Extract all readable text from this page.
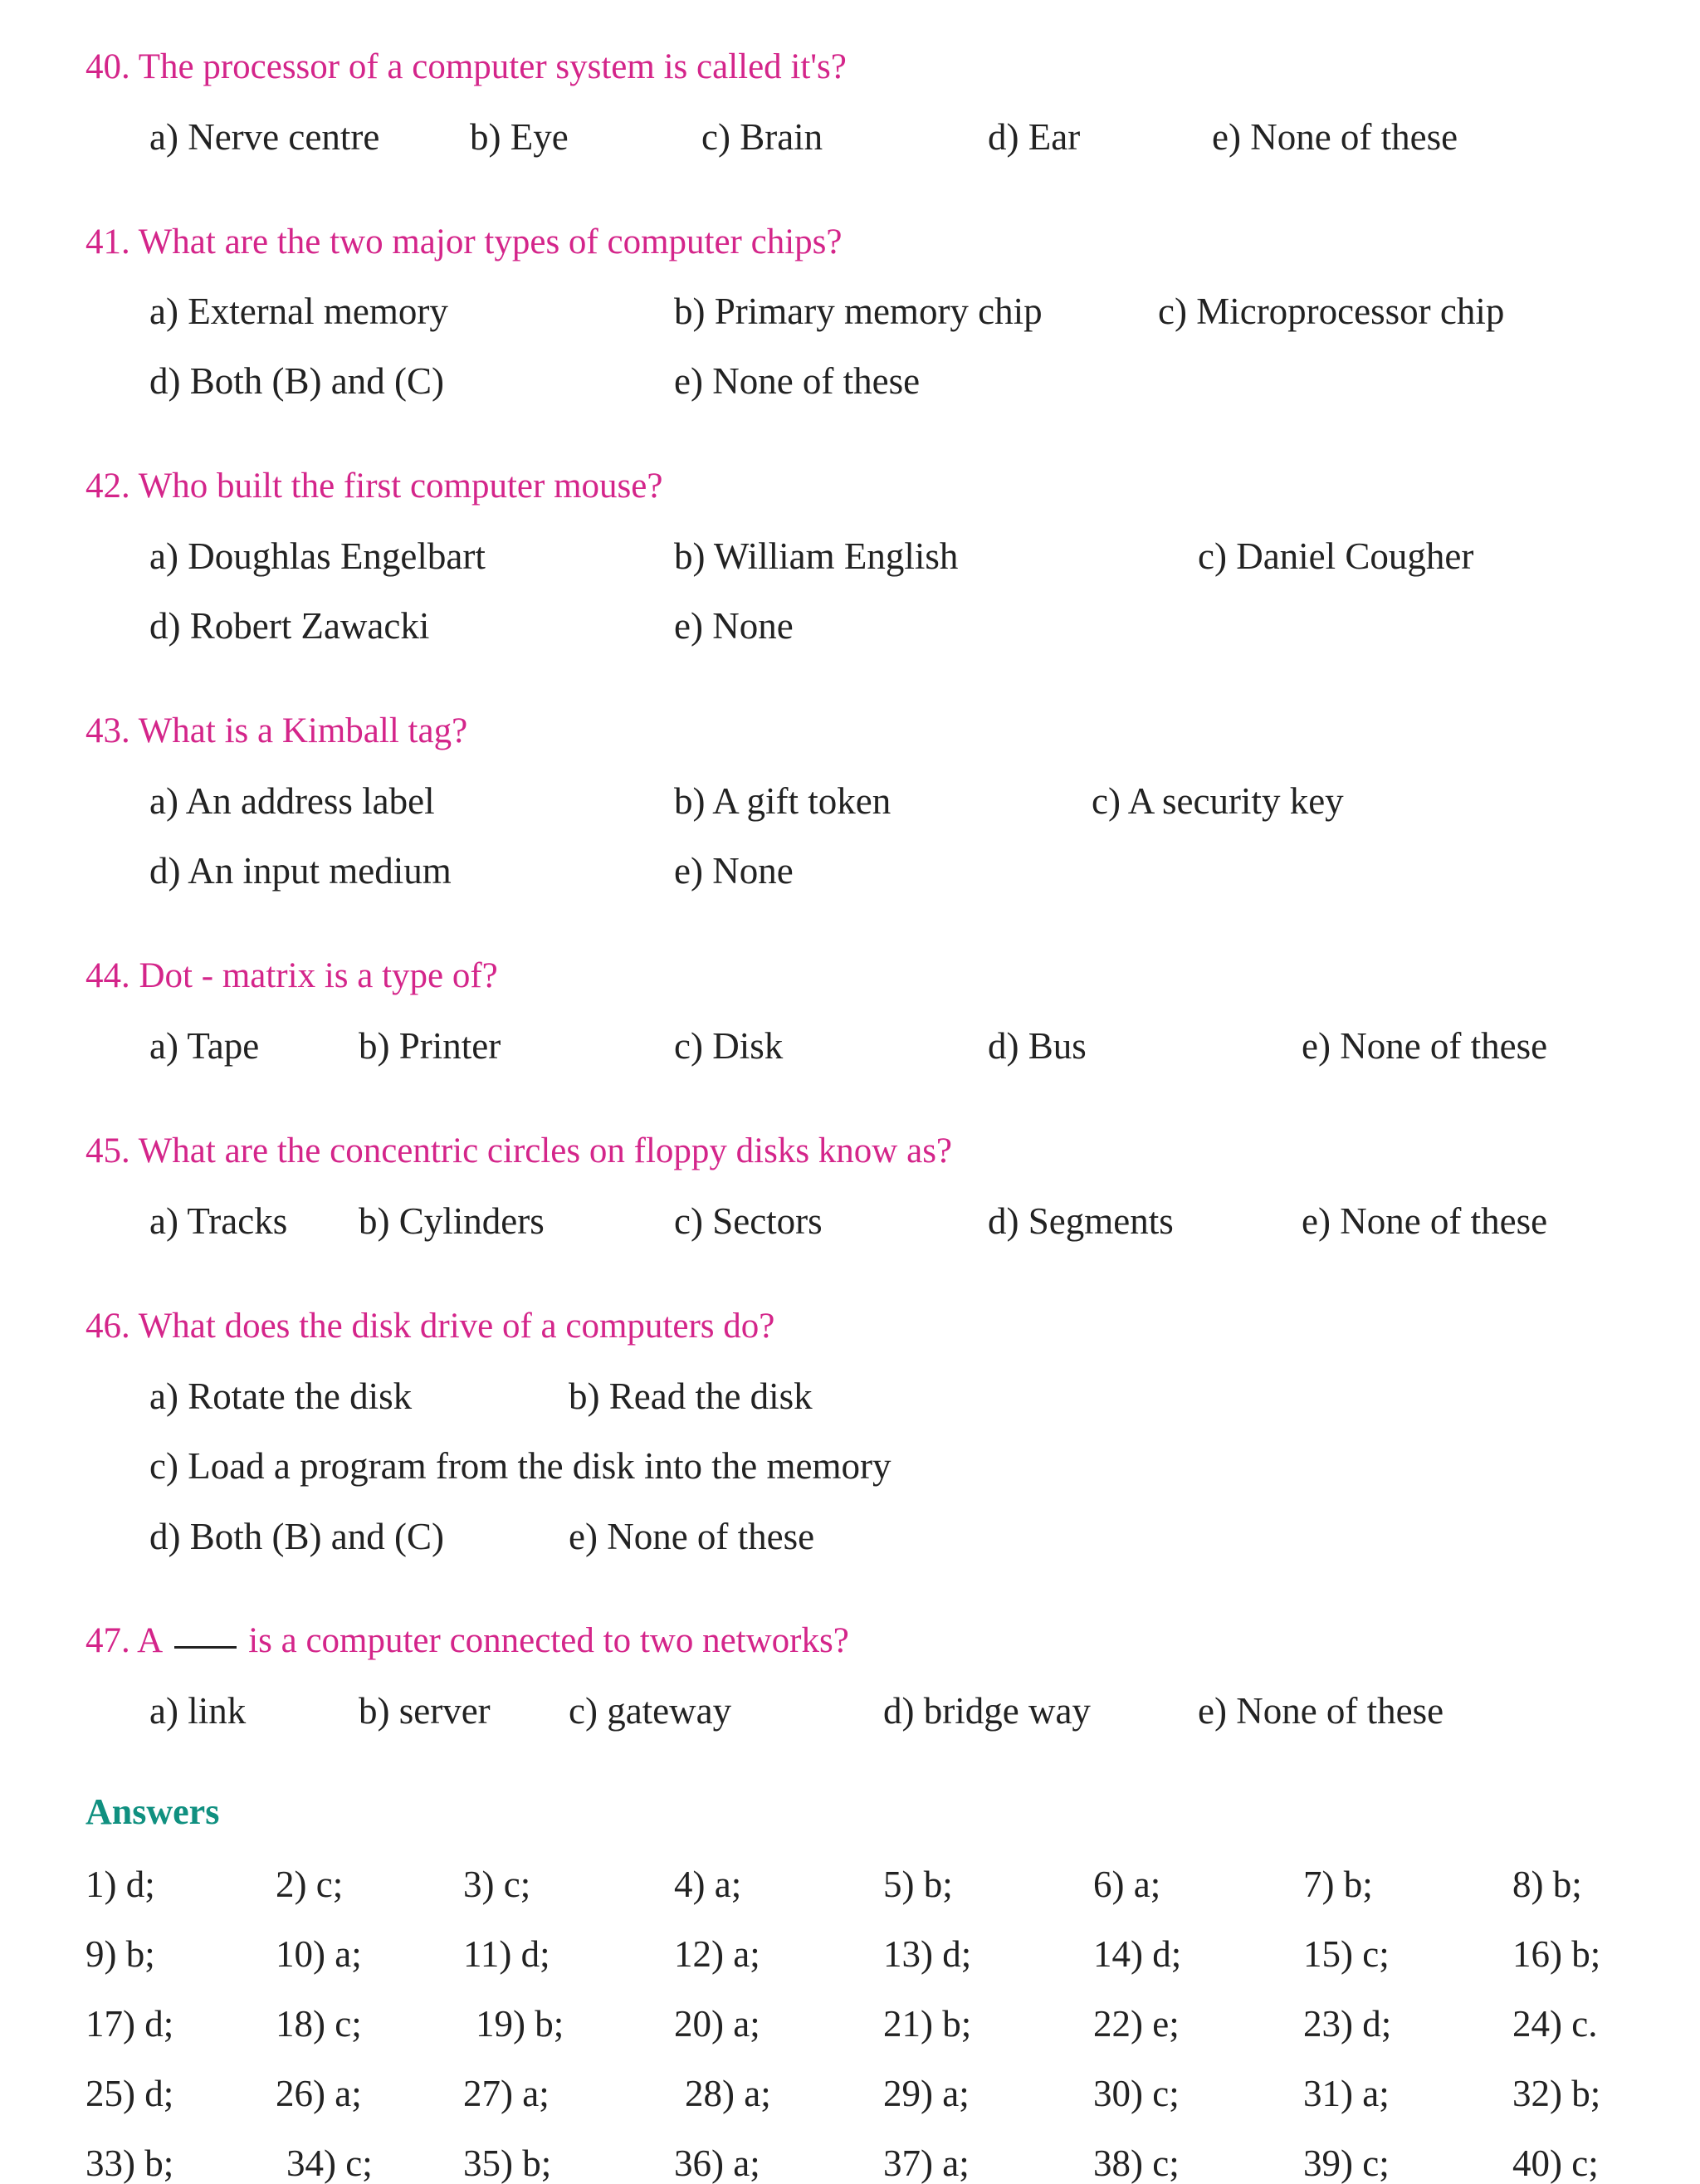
40. The processor of a computer system is called it's?
a) Nerve centre b) Eye	c) Brain	d) Ear	e) None of these
41. What are the two major types of computer chips?
a) External memory	b) Primary memory chip	c) Microprocessor chip
d) Both (B) and (C)	e) None of these
42. Who built the first computer mouse?
a) Doughlas Engelbart	b) William English	c) Daniel Cougher
d) Robert Zawacki	e) None
43. What is a Kimball tag?
a) An address label	b) A gift token	c) A security key
d) An input medium	e) None
44. Dot - matrix is a type of?
a) Tape	b) Printer	c) Disk	d) Bus	e) None of these
45. What are the concentric circles on floppy disks know as?
a) Tracks b) Cylinders	c) Sectors	d) Segments	e) None of these
46. What does the disk drive of a computers do?
a) Rotate the disk	b) Read the disk
c) Load a program from the disk into the memory
d) Both (B) and (C)	e) None of these
47. A is a computer connected to two networks?
a) link	b) server c) gateway	d) bridge way	e) None of these
Answers
1) d;	2) c;	3) c;	4) a;	5) b;	6) a;	7) b;	8) b;
9) b;	10) a;	11) d;	12) a;	13) d;	14) d;	15) c;	16) b;
17) d;	18) c;	19) b;	20) a;	21) b;	22) e;	23) d;	24) c.
25) d;	26) a;	27) a;	28) a;	29) a;	30) c;	31) a;	32) b;
33) b;	34) c; 35) b;	36) a;	37) a;	38) c;	39) c;	40) c;
